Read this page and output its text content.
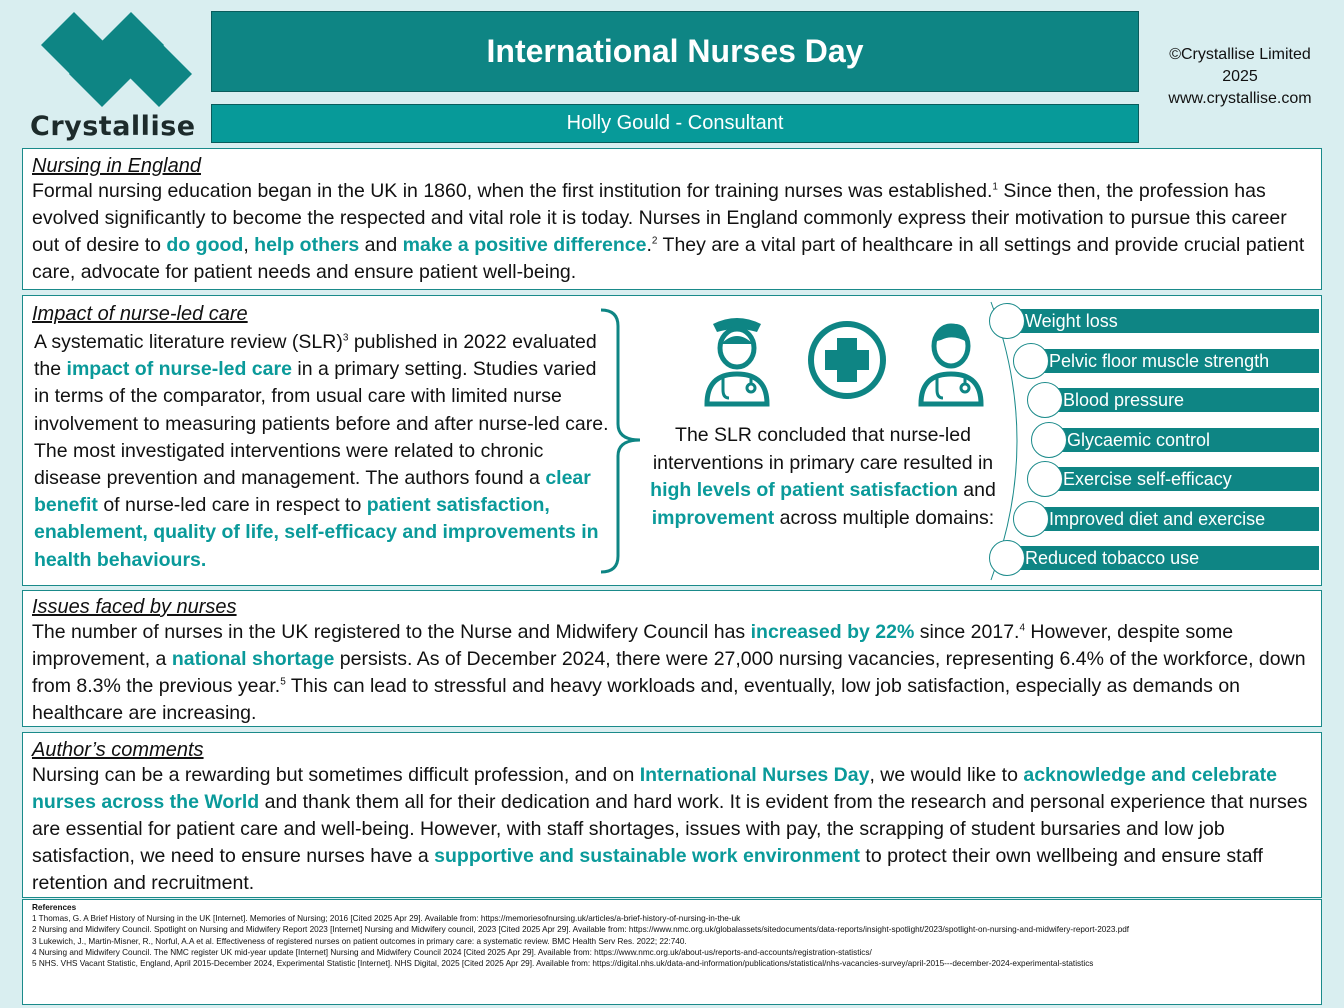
Crystallise
International Nurses Day
Holly Gould - Consultant
©Crystallise Limited
2025
www.crystallise.com
Nursing in England
Formal nursing education began in the UK in 1860, when the first institution for training nurses was established.$^1$ Since then, the profession has evolved significantly to become the respected and vital role it is today. Nurses in England commonly express their motivation to pursue this career out of desire to do good, help others and make a positive difference.$^2$ They are a vital part of healthcare in all settings and provide crucial patient care, advocate for patient needs and ensure patient well-being.
Impact of nurse-led care
A systematic literature review (SLR)$^3$ published in 2022 evaluated the impact of nurse-led care in a primary setting. Studies varied in terms of the comparator, from usual care with limited nurse involvement to measuring patients before and after nurse-led care. The most investigated interventions were related to chronic disease prevention and management. The authors found a clear benefit of nurse-led care in respect to patient satisfaction, enablement, quality of life, self-efficacy and improvements in health behaviours.
The SLR concluded that nurse-led interventions in primary care resulted in high levels of patient satisfaction and improvement across multiple domains:
Weight loss
Pelvic floor muscle strength
Blood pressure
Glycaemic control
Exercise self-efficacy
Improved diet and exercise
Reduced tobacco use
Issues faced by nurses
The number of nurses in the UK registered to the Nurse and Midwifery Council has increased by 22% since 2017.$^4$ However, despite some improvement, a national shortage persists. As of December 2024, there were 27,000 nursing vacancies, representing 6.4% of the workforce, down from 8.3% the previous year.$^5$ This can lead to stressful and heavy workloads and, eventually, low job satisfaction, especially as demands on healthcare are increasing.
Author’s comments
Nursing can be a rewarding but sometimes difficult profession, and on International Nurses Day, we would like to acknowledge and celebrate nurses across the World and thank them all for their dedication and hard work. It is evident from the research and personal experience that nurses are essential for patient care and well-being. However, with staff shortages, issues with pay, the scrapping of student bursaries and low job satisfaction, we need to ensure nurses have a supportive and sustainable work environment to protect their own wellbeing and ensure staff retention and recruitment.
References
1 Thomas, G. A Brief History of Nursing in the UK [Internet]. Memories of Nursing; 2016 [Cited 2025 Apr 29]. Available from: https://memoriesofnursing.uk/articles/a-brief-history-of-nursing-in-the-uk
2 Nursing and Midwifery Council. Spotlight on Nursing and Midwifery Report 2023 [Internet] Nursing and Midwifery council, 2023 [Cited 2025 Apr 29]. Available from: https://www.nmc.org.uk/globalassets/sitedocuments/data-reports/insight-spotlight/2023/spotlight-on-nursing-and-midwifery-report-2023.pdf
3 Lukewich, J., Martin-Misner, R., Norful, A.A et al. Effectiveness of registered nurses on patient outcomes in primary care: a systematic review. BMC Health Serv Res. 2022; 22:740.
4 Nursing and Midwifery Council. The NMC register UK mid-year update [Internet] Nursing and Midwifery Council 2024 [Cited 2025 Apr 29]. Available from: https://www.nmc.org.uk/about-us/reports-and-accounts/registration-statistics/
5 NHS. VHS Vacant Statistic, England, April 2015-December 2024, Experimental Statistic [Internet]. NHS Digital, 2025 [Cited 2025 Apr 29]. Available from: https://digital.nhs.uk/data-and-information/publications/statistical/nhs-vacancies-survey/april-2015---december-2024-experimental-statistics
